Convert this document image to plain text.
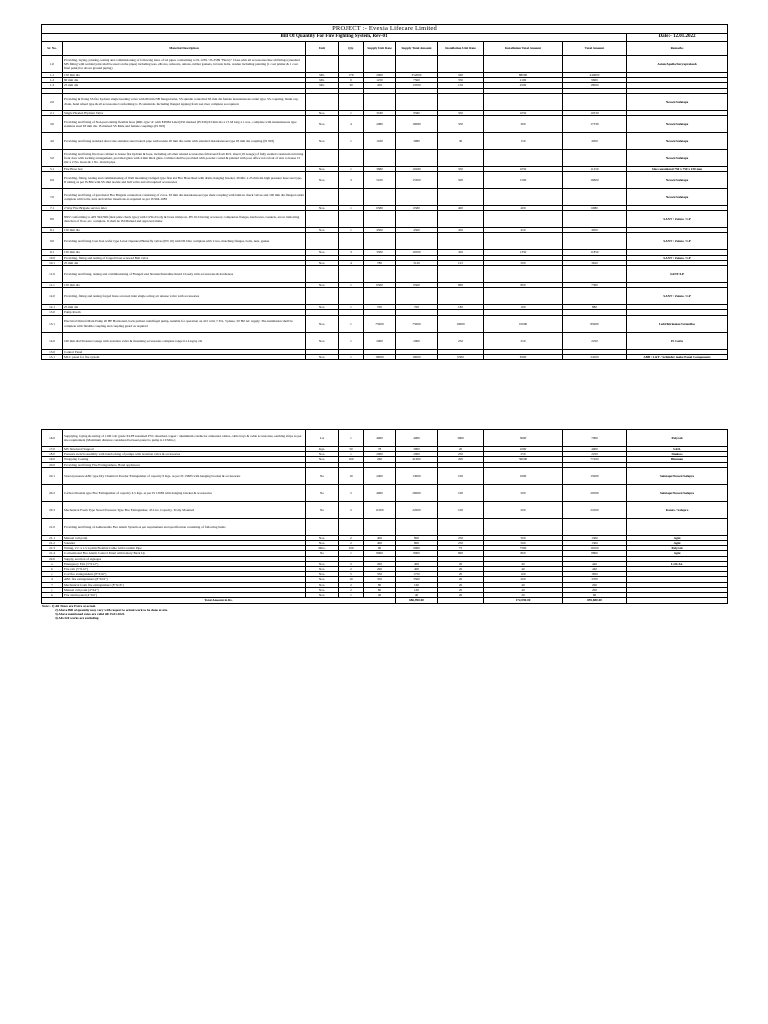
PROJECT :- Evexia Lifecare Limited									
Bill Of Quantity For Fire Fighting System, Rev-01									Date:- 12.01.2022
Sr. No.	Material Description	Unit	Qty.	Supply Unit Rate	Supply Total Amount	Installation Unit Rate	Installation Total Amount	Total Amount	Remarks
1.0	Providing, laying, jointing, testing and commissioning of following sizes of GI pipes conforming to IS-1239 / IS-3589 "Heavy" Class with all accessories like all fittings (standard MS fitting with welded joint shall be used on the pipes) including tees, elbows, reducers, unions, rubber gaskets, GI nuts bolts, washer including painting (1 coat primer & 1 coat final paint) for above ground piping)								Asian/Apollo/Suryaprakash
1.1	150 mm dia	Mtr.	176	2000	352000	500	88000	440000	
1.2	80 mm dia	Mtr.	6	1250	7500	350	2100	9600	
1.3	25 mm dia	Mtr.	30	450	13500	150	4500	18000	

2.0	Providing & fixing SS fire hydrant single heading valve with 80 mm NB flanged inlet, SS spindle controlled 63 mm dia female instantaneous outlet type. SS coupling, blank cap, chain, hand wheel type & all accessories Conforming to IS standards. Including flanged tapping from wet riser complete as required.								Newex/Safetape
2.1	Single Headed Hydrant Valve	Nos.	1	3180	9580	350	1050	10330	
3.0	Providing and fixing of Non-percolating flexible hose (RRL type 'A' with EPDM Lined) ISI marked (IS 636) 63 mm dia x 15 M long x 1 nos., complete with instantaneous type stainless steel 63 mm dia. IS marked SS Male and female couplings (IS 903)	Nos.	4	2080	16080	350	300	17330	Newex/Safetape
4.0	Providing and fixing standard short size stainless steel branch pipe with nozzle 20 mm dia outlet with standard instantaneous type 63 mm dia coupling (IS 903)	Nos.	1	1180	3980	30	150	4050	Newex/Safetape
5.0	Providing and fixing fire hose cabinet to house fire hydrant & hose, including all other related accessories fabricated from M.S. sheet (18 Gauge) of fully welded construction having front door with locking arrangement, provided glass with 4 mm thick glass. Cabinet shall be provided with powder coated & painted with post office red colour of size to house 15 mtr x 2 No. hoses & 1 No. branch pipe								Newex/Safetape
5.1	Fire Hose box	Nos.	1	3680	10280	350	1050	11250	Size considered 750 x 750 x 150 mm
6.0	Providing, fixing, testing and commissioning of Wall mounting swinged type first aid Fire Hose Reel with drum, hanging bracket, 30 Mtr. x 25 mm dia high pressure hose reel type-II tubing as per IS 884 with SS shut nozzle and ball valve and all required accessories	Nos.	3	5100	15300	500	1500	16800	Newex/Safetape
7.0	Providing and fixing of gun metal Fire Brigade connection consisting of 2 nos. 63 mm dia instantaneous type male coupling with built-in check valves and 100 mm dia flanged outlet complete with bolts, nuts and rubber insertions as required as per IS 904-1983								Newex/Safetape
7.1	2 Way Fire Brigade service inlet	Nos.	1	6580	6580	400	400	6980	
8.0	NRV conforming to API 594/598 (dual plate check type) with CI/SGI body & brass trim/post, PN 16.0 having accessory companion flanges, hardwares, Gaskets, arrow indicating direction of flow, etc. complete. It shall be ISI Marked and approved make								SANT / Zoloto / LP
8.1	150 mm dia	Nos.	1	4500	4500	450	450	4950	
9.0	Providing and fixing Cast Iron wafer type Lever Operated Butterfly valves (PN 16) with ISI Disc complete with 2 nos. matching flanges, bolts, nuts, gasket								SANT / Zoloto / LP
9.1	150 mm dia	Nos.	3	3500	10500	450	1350	11850	
10.0	Providing, fixing and testing of forged brass screwed Ball valve								SANT / Zoloto / LP
10.1	25 mm dia	Nos.	4	780	3120	125	500	3620	
11.0	Providing and fixing, testing and commissioning of Flanged end Strainer/Instraline Interd Closely with accessories & hardwares								SANT/LP
11.1	150 mm dia	Nos.	1	6500	6500	800	800	7300	
12.0	Providing, fixing and testing forged brass screwed inlet single acting air release valve with accessories								SANT / Zoloto / LP
12.1	25 mm dia	Nos.	1	700	700	180	100	880	
13.0	Pump Room								
13.1	Electrical Driven Main Pump 20 HP Horizontal, back pullout centrifugal pump, suitable for operation on 415 volts ± 6%, 3 phase, 50 HZ AC supply. The installation shall be complete with flexible coupling and coupling guard as required	Nos.	1	75000	75000	10000	10000	85000	Lubi/Kirloskar/Grundfos
14.0	100 mm dial Pressure Gauge with isolation valve & mounting accessories complete range 0-14 kg/sq cm	Nos.	1	2000	2000	250	250	2250	H. Guru
15.0	Control Panel								
15.1	MCC panel for fire system	Nos.	1	18000	18000	6500	6500	24500	ABB / L&T / Schinder make Panel Components

16.0	Supplying, laying & testing of 1100 volt grade XLPE insulated PVC sheathed copper / aluminium conductor armoured cables, cable trays & cable accessories, earthing strips as per site requirement (Maximum distance considered between panel to pump is 10 Mtrs.)	Lot	1	4000	4000	3000	3000	7000	Polycab
17.0	MS Structural Support	Kgs.	50	78	3900	20	1000	4900	SAIL
18.0	Pressure switch assembly with interlocking of pumps with isolation valve & accessories	Nos.	1	2000	2000	250	250	2250	Danfoss
19.0	Wrapping Coating	Nos.	160	260	41600	200	36000	77200	Bitumen
20.0	Providing and fixing Fire Extinguishers, Hand appliances								
20.1	Stored pressure ABC type Dry Chemical Powder Extinguisher of capacity 6 Kgs. as per IS 15683 with hanging bracket & accessories	No	10	2400	13000	100	1000	15000	Safetape/Newex/Safepro
20.2	Carbon Dioxide type Fire Extinguisher of capacity 4.5 Kgs. as per IS 15683 with hanging bracket & accessories	No	5	4000	20000	100	500	20500	Safetape/Newex/Safepro
20.3	Mechanical Foam Type Stored Pressure Type Fire Extinguisher, 45 Ltrs. Capacity, Trolly Mounted	No	2	11000	22000	100	200	22200	Kanex / Safepro
21.0	Providing and fixing of Addressable Fire Alarm System as per requirement and specification consisting of following items								
21.1	Manual call point	Nos.	2	400	800	250	500	1300	Agni
21.2	Sounder	Nos.	2	400	800	250	500	1300	Agni
21.3	Wiring, 2 C x 1.5 sq mm Flexible Cable with Conduit Pipe	Mtrs.	100	90	9000	75	7500	16500	Polycab
21.4	Conventional Fire Alarm Control Panel with battery Back Up	No	1	8000	8000	800	800	8800	Agni
22.0	Supply, erection of signages								
a	Emergency Exit (5"X12")	Nos.	2	200	400	20	40	440	LOCAL
b	Fire exit (5"X12")	Nos.	2	200	400	20	40	440	
c	Co2 fire extinguishers (8"X16")	Nos.	5	350	1750	20	100	1850	
d	ABC fire extinguishers (8"X16")	Nos.	10	350	3500	20	200	3700	
7	Mechanical foam fire extinguishers (8"X16")	Nos.	2	80	160	20	40	200	
j	Manual call point (4"X4")	Nos.	2	80	160	20	40	200	
k	Fire alarm panel (4"X4")	Nos.	1	40	40	20	20	60	
Total Amount in Rs.					686,990.00		172,090.00	859,880.00	
Note:- 1) All Taxes are Extra at actual.
2) Above Bill of quantity may vary with respect to actual work to be done at site.
3) Above mentioned rates are valid till 15.01.2022.
4) All civil works are excluding.
